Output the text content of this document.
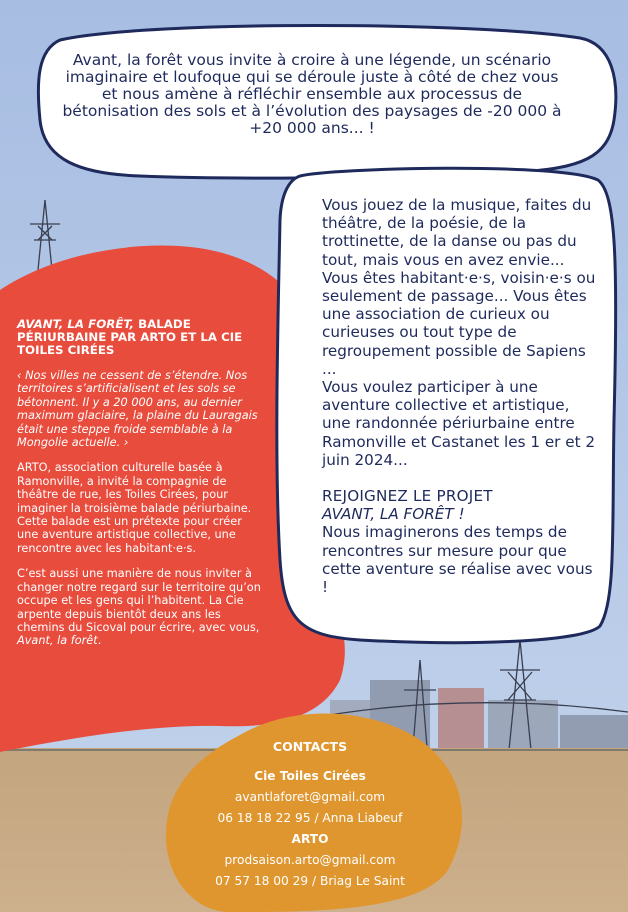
Avant, la forêt vous invite à croire à une légende, un scénario imaginaire et loufoque qui se déroule juste à côté de chez vous et nous amène à réfléchir ensemble aux processus de bétonisation des sols et à l’évolution des paysages de -20 000 à +20 000 ans... !

Vous jouez de la musique, faites du théâtre, de la poésie, de la trottinette, de la danse ou pas du tout, mais vous en avez envie...

Vous êtes habitant·e·s, voisin·e·s ou seulement de passage... Vous êtes une association de curieux ou curieuses ou tout type de regroupement possible de Sapiens ...

Vous voulez participer à une aventure collective et artistique, une randonnée périurbaine entre Ramonville et Castanet les 1 er et 2 juin 2024...

REJOIGNEZ LE PROJET

AVANT, LA FORÊT !

Nous imaginerons des temps de rencontres sur mesure pour que cette aventure se réalise avec vous !

AVANT, LA FORÊT, BALADE PÉRIURBAINE PAR ARTO ET LA CIE TOILES CIRÉES

‹ Nos villes ne cessent de s’étendre. Nos territoires s’artificialisent et les sols se bétonnent. Il y a 20 000 ans, au dernier maximum glaciaire, la plaine du Lauragais était une steppe froide semblable à la Mongolie actuelle. ›

ARTO, association culturelle basée à Ramonville, a invité la compagnie de théâtre de rue, les Toiles Cirées, pour imaginer la troisième balade périurbaine. Cette balade est un prétexte pour créer une aventure artistique collective, une rencontre avec les habitant·e·s.

C’est aussi une manière de nous inviter à changer notre regard sur le territoire qu’on occupe et les gens qui l’habitent. La Cie arpente depuis bientôt deux ans les chemins du Sicoval pour écrire, avec vous, Avant, la forêt.

CONTACTS
Cie Toiles Cirées
avantlaforet@gmail.com
06 18 18 22 95 / Anna Liabeuf
ARTO
prodsaison.arto@gmail.com
07 57 18 00 29 / Briag Le Saint
